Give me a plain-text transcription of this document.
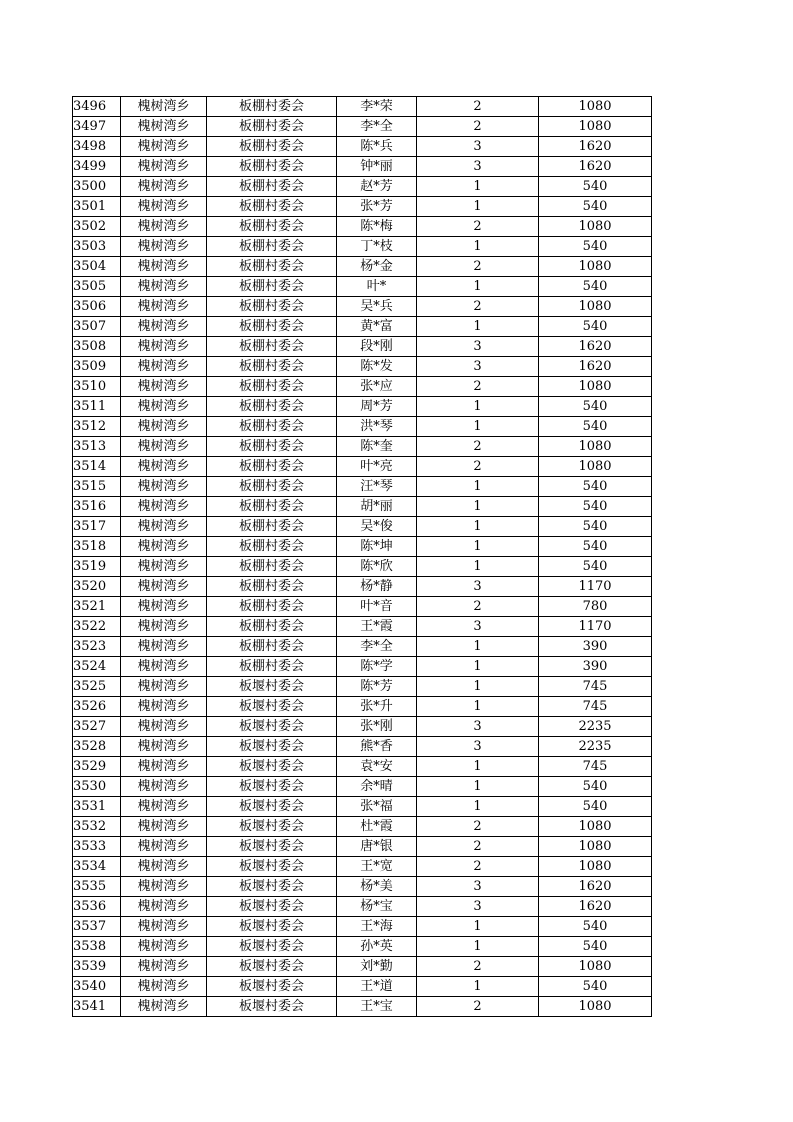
3496	槐树湾乡	板棚村委会	李*荣	2	1080
3497	槐树湾乡	板棚村委会	李*全	2	1080
3498	槐树湾乡	板棚村委会	陈*兵	3	1620
3499	槐树湾乡	板棚村委会	钟*丽	3	1620
3500	槐树湾乡	板棚村委会	赵*芳	1	540
3501	槐树湾乡	板棚村委会	张*芳	1	540
3502	槐树湾乡	板棚村委会	陈*梅	2	1080
3503	槐树湾乡	板棚村委会	丁*枝	1	540
3504	槐树湾乡	板棚村委会	杨*金	2	1080
3505	槐树湾乡	板棚村委会	叶*	1	540
3506	槐树湾乡	板棚村委会	吴*兵	2	1080
3507	槐树湾乡	板棚村委会	黄*富	1	540
3508	槐树湾乡	板棚村委会	段*刚	3	1620
3509	槐树湾乡	板棚村委会	陈*发	3	1620
3510	槐树湾乡	板棚村委会	张*应	2	1080
3511	槐树湾乡	板棚村委会	周*芳	1	540
3512	槐树湾乡	板棚村委会	洪*琴	1	540
3513	槐树湾乡	板棚村委会	陈*奎	2	1080
3514	槐树湾乡	板棚村委会	叶*亮	2	1080
3515	槐树湾乡	板棚村委会	汪*琴	1	540
3516	槐树湾乡	板棚村委会	胡*丽	1	540
3517	槐树湾乡	板棚村委会	吴*俊	1	540
3518	槐树湾乡	板棚村委会	陈*坤	1	540
3519	槐树湾乡	板棚村委会	陈*欣	1	540
3520	槐树湾乡	板棚村委会	杨*静	3	1170
3521	槐树湾乡	板棚村委会	叶*音	2	780
3522	槐树湾乡	板棚村委会	王*霞	3	1170
3523	槐树湾乡	板棚村委会	李*全	1	390
3524	槐树湾乡	板棚村委会	陈*学	1	390
3525	槐树湾乡	板堰村委会	陈*芳	1	745
3526	槐树湾乡	板堰村委会	张*升	1	745
3527	槐树湾乡	板堰村委会	张*刚	3	2235
3528	槐树湾乡	板堰村委会	熊*香	3	2235
3529	槐树湾乡	板堰村委会	袁*安	1	745
3530	槐树湾乡	板堰村委会	余*晴	1	540
3531	槐树湾乡	板堰村委会	张*福	1	540
3532	槐树湾乡	板堰村委会	杜*霞	2	1080
3533	槐树湾乡	板堰村委会	唐*银	2	1080
3534	槐树湾乡	板堰村委会	王*宽	2	1080
3535	槐树湾乡	板堰村委会	杨*美	3	1620
3536	槐树湾乡	板堰村委会	杨*宝	3	1620
3537	槐树湾乡	板堰村委会	王*海	1	540
3538	槐树湾乡	板堰村委会	孙*英	1	540
3539	槐树湾乡	板堰村委会	刘*勤	2	1080
3540	槐树湾乡	板堰村委会	王*道	1	540
3541	槐树湾乡	板堰村委会	王*宝	2	1080
